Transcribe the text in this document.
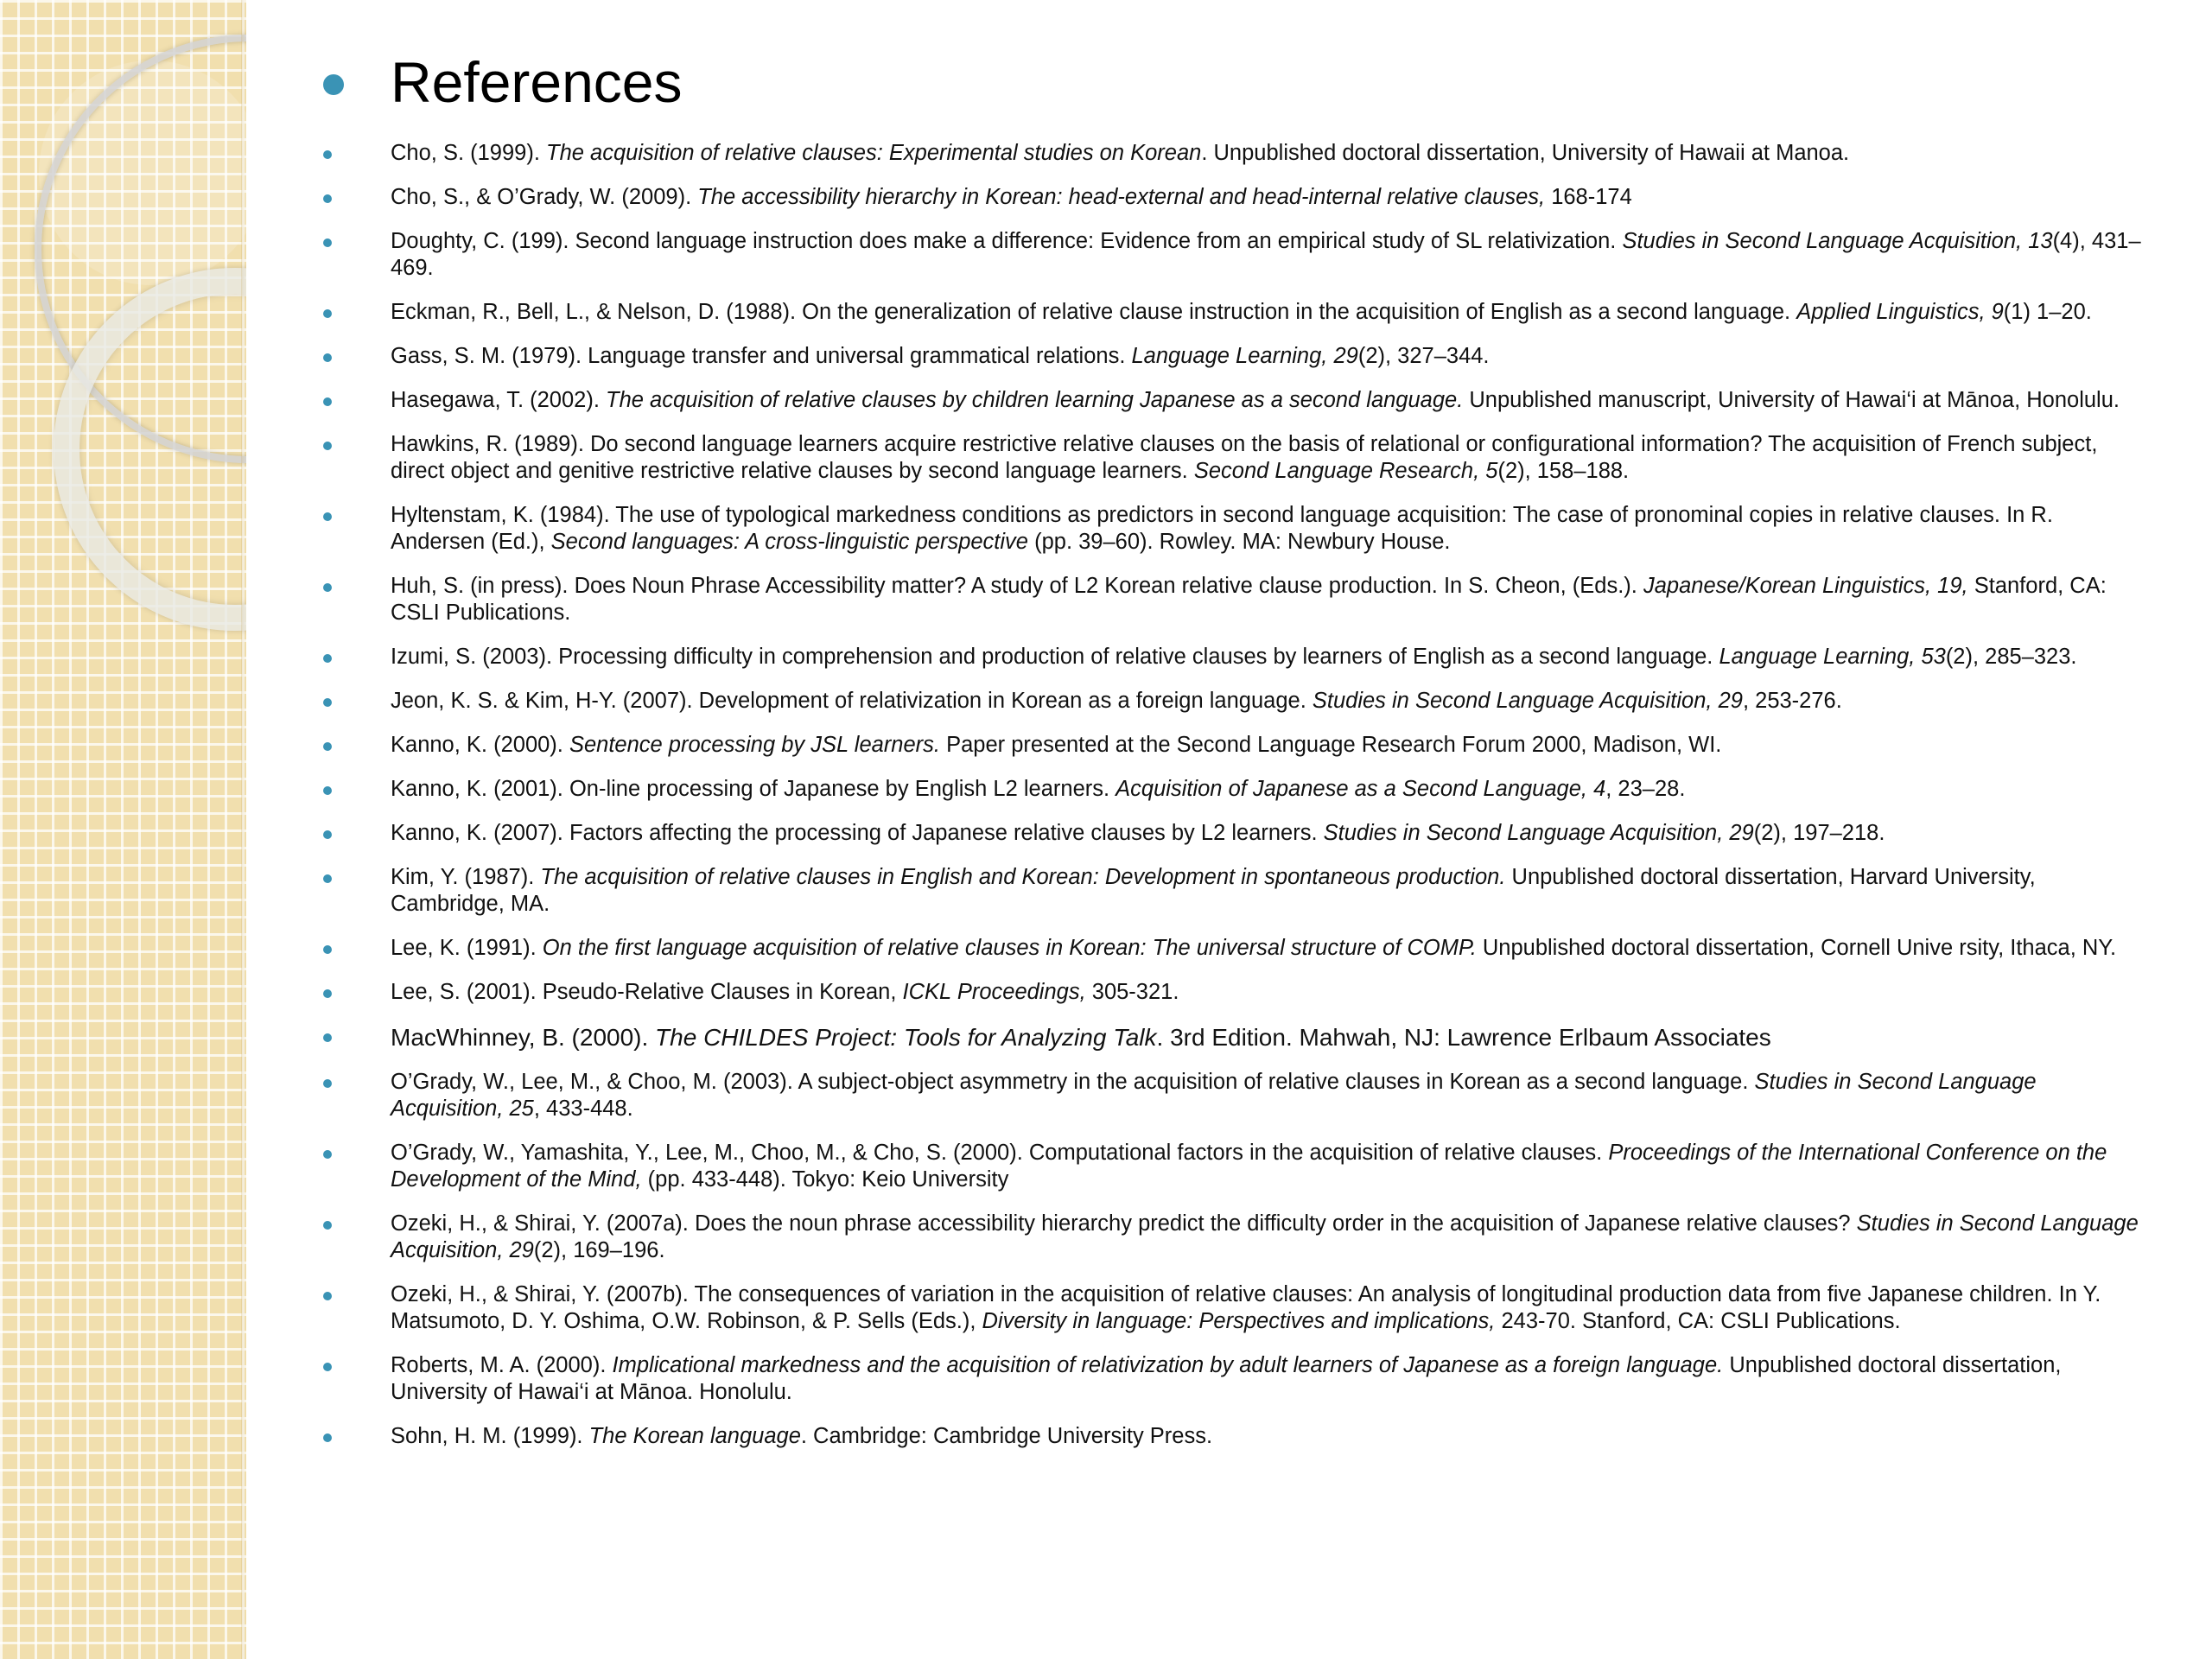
References
Cho, S. (1999). The acquisition of relative clauses: Experimental studies on Korean. Unpublished doctoral dissertation, University of Hawaii at Manoa.
Cho, S., & O’Grady, W. (2009). The accessibility hierarchy in Korean: head-external and head-internal relative clauses, 168-174
Doughty, C. (199). Second language instruction does make a difference: Evidence from an empirical study of SL relativization. Studies in Second Language Acquisition, 13(4), 431–469.
Eckman, R., Bell, L., & Nelson, D. (1988). On the generalization of relative clause instruction in the acquisition of English as a second language. Applied Linguistics, 9(1) 1–20.
Gass, S. M. (1979). Language transfer and universal grammatical relations. Language Learning, 29(2), 327–344.
Hasegawa, T. (2002). The acquisition of relative clauses by children learning Japanese as a second language. Unpublished manuscript, University of Hawai‘i at Mānoa, Honolulu.
Hawkins, R. (1989). Do second language learners acquire restrictive relative clauses on the basis of relational or configurational information? The acquisition of French subject, direct object and genitive restrictive relative clauses by second language learners. Second Language Research, 5(2), 158–188.
Hyltenstam, K. (1984). The use of typological markedness conditions as predictors in second language acquisition: The case of pronominal copies in relative clauses. In R. Andersen (Ed.), Second languages: A cross-linguistic perspective (pp. 39–60). Rowley. MA: Newbury House.
Huh, S. (in press). Does Noun Phrase Accessibility matter? A study of L2 Korean relative clause production. In S. Cheon, (Eds.). Japanese/Korean Linguistics, 19, Stanford, CA: CSLI Publications.
Izumi, S. (2003). Processing difficulty in comprehension and production of relative clauses by learners of English as a second language. Language Learning, 53(2), 285–323.
Jeon, K. S. & Kim, H-Y. (2007). Development of relativization in Korean as a foreign language. Studies in Second Language Acquisition, 29, 253-276.
Kanno, K. (2000). Sentence processing by JSL learners. Paper presented at the Second Language Research Forum 2000, Madison, WI.
Kanno, K. (2001). On-line processing of Japanese by English L2 learners. Acquisition of Japanese as a Second Language, 4, 23–28.
Kanno, K. (2007). Factors affecting the processing of Japanese relative clauses by L2 learners. Studies in Second Language Acquisition, 29(2), 197–218.
Kim, Y. (1987). The acquisition of relative clauses in English and Korean: Development in spontaneous production. Unpublished doctoral dissertation, Harvard University, Cambridge, MA.
Lee, K. (1991). On the first language acquisition of relative clauses in Korean: The universal structure of COMP. Unpublished doctoral dissertation, Cornell Unive rsity, Ithaca, NY.
Lee, S. (2001). Pseudo-Relative Clauses in Korean, ICKL Proceedings, 305-321.
MacWhinney, B. (2000). The CHILDES Project: Tools for Analyzing Talk. 3rd Edition. Mahwah, NJ: Lawrence Erlbaum Associates
O’Grady, W., Lee, M., & Choo, M. (2003). A subject-object asymmetry in the acquisition of relative clauses in Korean as a second language. Studies in Second Language Acquisition, 25, 433-448.
O’Grady, W., Yamashita, Y., Lee, M., Choo, M., & Cho, S. (2000). Computational factors in the acquisition of relative clauses. Proceedings of the International Conference on the Development of the Mind, (pp. 433-448). Tokyo: Keio University
Ozeki, H., & Shirai, Y. (2007a). Does the noun phrase accessibility hierarchy predict the difficulty order in the acquisition of Japanese relative clauses? Studies in Second Language Acquisition, 29(2), 169–196.
Ozeki, H., & Shirai, Y. (2007b). The consequences of variation in the acquisition of relative clauses: An analysis of longitudinal production data from five Japanese children. In Y. Matsumoto, D. Y. Oshima, O.W. Robinson, & P. Sells (Eds.), Diversity in language: Perspectives and implications, 243-70. Stanford, CA: CSLI Publications.
Roberts, M. A. (2000). Implicational markedness and the acquisition of relativization by adult learners of Japanese as a foreign language. Unpublished doctoral dissertation, University of Hawai‘i at Mānoa. Honolulu.
Sohn, H. M. (1999). The Korean language. Cambridge: Cambridge University Press.
